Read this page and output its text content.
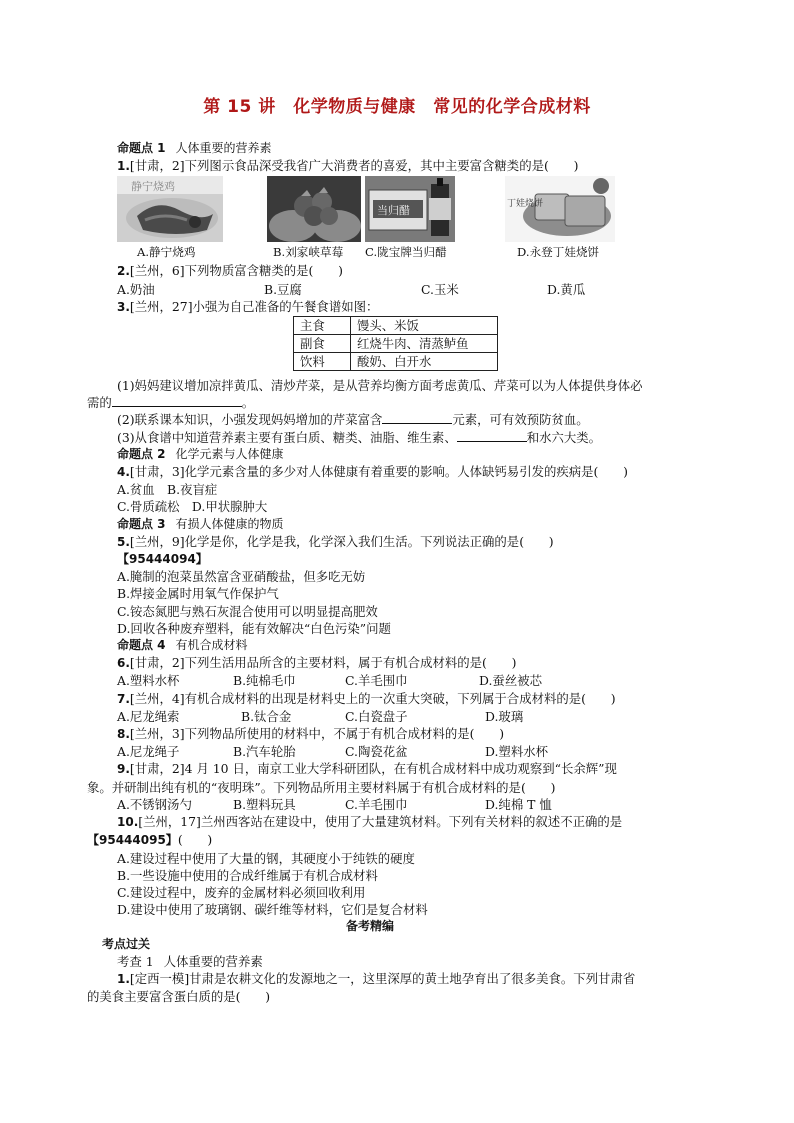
第 15 讲　化学物质与健康　常见的化学合成材料
命题点 1 人体重要的营养素
1.[甘肃，2]下列图示食品深受我省广大消费者的喜爱，其中主要富含糖类的是(　　)
静宁烧鸡
当归醋	丁娃烧饼
A.静宁烧鸡	B.刘家峡草莓 C.陇宝牌当归醋	D.永登丁娃烧饼
2.[兰州，6]下列物质富含糖类的是(　　)
A.奶油	B.豆腐	C.玉米	D.黄瓜
3.[兰州，27]小强为自己准备的午餐食谱如图：
主食	馒头、米饭
副食	红烧牛肉、清蒸鲈鱼
饮料	酸奶、白开水
(1)妈妈建议增加凉拌黄瓜、清炒芹菜，是从营养均衡方面考虑黄瓜、芹菜可以为人体提供身体必
需的	。
(2)联系课本知识，小强发现妈妈增加的芹菜富含	元素，可有效预防贫血。
(3)从食谱中知道营养素主要有蛋白质、糖类、油脂、维生素、	和水六大类。
命题点 2 化学元素与人体健康
4.[甘肃，3]化学元素含量的多少对人体健康有着重要的影响。人体缺钙易引发的疾病是(　　)
A.贫血　B.夜盲症
C.骨质疏松　D.甲状腺肿大
命题点 3 有损人体健康的物质
5.[兰州，9]化学是你，化学是我，化学深入我们生活。下列说法正确的是(　　)
【95444094】
A.腌制的泡菜虽然富含亚硝酸盐，但多吃无妨
B.焊接金属时用氧气作保护气
C.铵态氮肥与熟石灰混合使用可以明显提高肥效
D.回收各种废弃塑料，能有效解决“白色污染”问题
命题点 4 有机合成材料
6.[甘肃，2]下列生活用品所含的主要材料，属于有机合成材料的是(　　)
A.塑料水杯	B.纯棉毛巾	C.羊毛围巾	D.蚕丝被芯
7.[兰州，4]有机合成材料的出现是材料史上的一次重大突破，下列属于合成材料的是(　　)
A.尼龙绳索	B.钛合金	C.白瓷盘子	D.玻璃
8.[兰州，3]下列物品所使用的材料中，不属于有机合成材料的是(　　)
A.尼龙绳子	B.汽车轮胎	C.陶瓷花盆	D.塑料水杯
9.[甘肃，2]4 月 10 日，南京工业大学科研团队，在有机合成材料中成功观察到“长余辉”现
象。并研制出纯有机的“夜明珠”。下列物品所用主要材料属于有机合成材料的是(　　)
A.不锈钢汤勺	B.塑料玩具	C.羊毛围巾	D.纯棉 T 恤
10.[兰州，17]兰州西客站在建设中，使用了大量建筑材料。下列有关材料的叙述不正确的是
【95444095】(　　)
A.建设过程中使用了大量的钢，其硬度小于纯铁的硬度
B.一些设施中使用的合成纤维属于有机合成材料
C.建设过程中，废弃的金属材料必须回收利用
D.建设中使用了玻璃钢、碳纤维等材料，它们是复合材料
备考精编
考点过关
考查 1 人体重要的营养素
1.[定西一模]甘肃是农耕文化的发源地之一，这里深厚的黄土地孕育出了很多美食。下列甘肃省
的美食主要富含蛋白质的是(　　)
